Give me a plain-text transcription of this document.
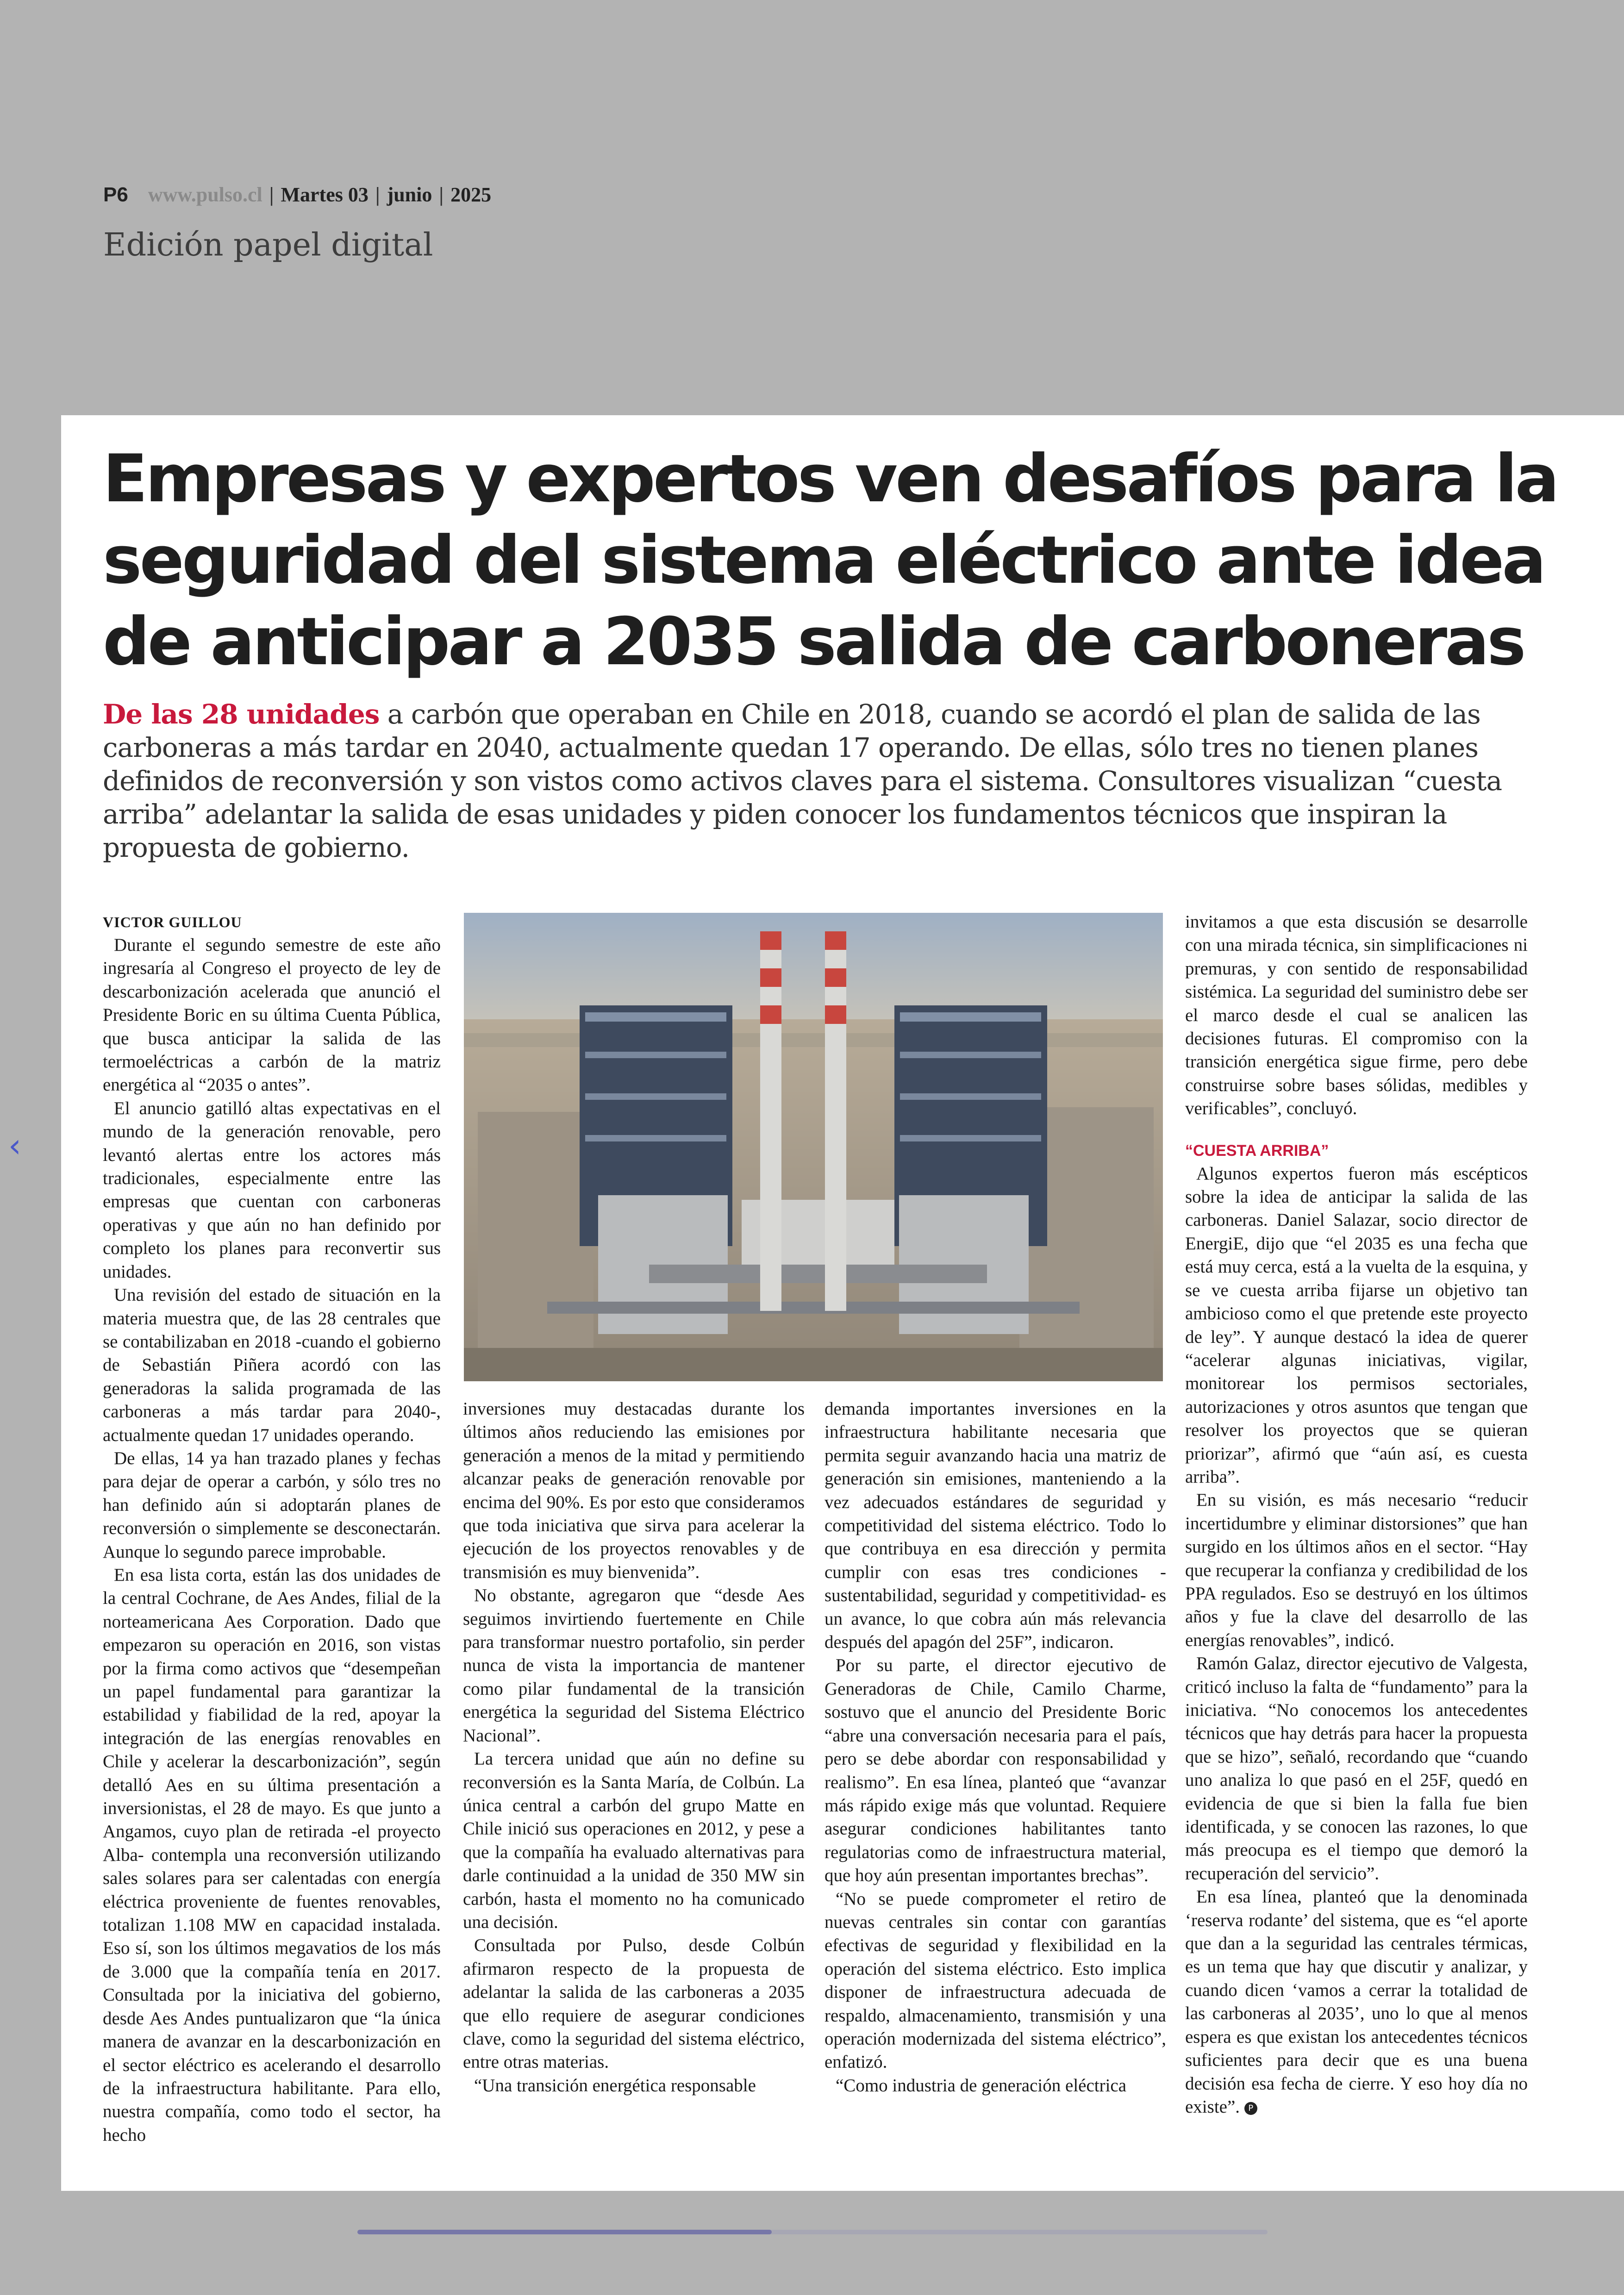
P6 www.pulso.cl | Martes 03 | junio | 2025
Edición papel digital
‹
Empresas y expertos ven desafíos para la seguridad del sistema eléctrico ante idea de anticipar a 2035 salida de carboneras

De las 28 unidades a carbón que operaban en Chile en 2018, cuando se acordó el plan de salida de las carboneras a más tardar en 2040, actualmente quedan 17 operando. De ellas, sólo tres no tienen planes definidos de reconversión y son vistos como activos claves para el sistema. Consultores visualizan “cuesta arriba” adelantar la salida de esas unidades y piden conocer los fundamentos técnicos que inspiran la propuesta de gobierno.

VICTOR GUILLOU

Durante el segundo semestre de este año ingresaría al Congreso el proyecto de ley de descarbonización acelerada que anunció el Presidente Boric en su última Cuenta Pública, que busca anticipar la salida de las termoeléctricas a carbón de la matriz energética al “2035 o antes”.

El anuncio gatilló altas expectativas en el mundo de la generación renovable, pero levantó alertas entre los actores más tradicionales, especialmente entre las empresas que cuentan con carboneras operativas y que aún no han definido por completo los planes para reconvertir sus unidades.

Una revisión del estado de situación en la materia muestra que, de las 28 centrales que se contabilizaban en 2018 -cuando el gobierno de Sebastián Piñera acordó con las generadoras la salida programada de las carboneras a más tardar para 2040-, actualmente quedan 17 unidades operando.

De ellas, 14 ya han trazado planes y fechas para dejar de operar a carbón, y sólo tres no han definido aún si adoptarán planes de reconversión o simplemente se desconectarán. Aunque lo segundo parece improbable.

En esa lista corta, están las dos unidades de la central Cochrane, de Aes Andes, filial de la norteamericana Aes Corporation. Dado que empezaron su operación en 2016, son vistas por la firma como activos que “desempeñan un papel fundamental para garantizar la estabilidad y fiabilidad de la red, apoyar la integración de las energías renovables en Chile y acelerar la descarbonización”, según detalló Aes en su última presentación a inversionistas, el 28 de mayo. Es que junto a Angamos, cuyo plan de retirada -el proyecto Alba- contempla una reconversión utilizando sales solares para ser calentadas con energía eléctrica proveniente de fuentes renovables, totalizan 1.108 MW en capacidad instalada. Eso sí, son los últimos megavatios de los más de 3.000 que la compañía tenía en 2017. Consultada por la iniciativa del gobierno, desde Aes Andes puntualizaron que “la única manera de avanzar en la descarbonización en el sector eléctrico es acelerando el desarrollo de la infraestructura habilitante. Para ello, nuestra compañía, como todo el sector, ha hecho

inversiones muy destacadas durante los últimos años reduciendo las emisiones por generación a menos de la mitad y permitiendo alcanzar peaks de generación renovable por encima del 90%. Es por esto que consideramos que toda iniciativa que sirva para acelerar la ejecución de los proyectos renovables y de transmisión es muy bienvenida”.

No obstante, agregaron que “desde Aes seguimos invirtiendo fuertemente en Chile para transformar nuestro portafolio, sin perder nunca de vista la importancia de mantener como pilar fundamental de la transición energética la seguridad del Sistema Eléctrico Nacional”.

La tercera unidad que aún no define su reconversión es la Santa María, de Colbún. La única central a carbón del grupo Matte en Chile inició sus operaciones en 2012, y pese a que la compañía ha evaluado alternativas para darle continuidad a la unidad de 350 MW sin carbón, hasta el momento no ha comunicado una decisión.

Consultada por Pulso, desde Colbún afirmaron respecto de la propuesta de adelantar la salida de las carboneras a 2035 que ello requiere de asegurar condiciones clave, como la seguridad del sistema eléctrico, entre otras materias.

“Una transición energética responsable

demanda importantes inversiones en la infraestructura habilitante necesaria que permita seguir avanzando hacia una matriz de generación sin emisiones, manteniendo a la vez adecuados estándares de seguridad y competitividad del sistema eléctrico. Todo lo que contribuya en esa dirección y permita cumplir con esas tres condiciones -sustentabilidad, seguridad y competitividad- es un avance, lo que cobra aún más relevancia después del apagón del 25F”, indicaron.

Por su parte, el director ejecutivo de Generadoras de Chile, Camilo Charme, sostuvo que el anuncio del Presidente Boric “abre una conversación necesaria para el país, pero se debe abordar con responsabilidad y realismo”. En esa línea, planteó que “avanzar más rápido exige más que voluntad. Requiere asegurar condiciones habilitantes tanto regulatorias como de infraestructura material, que hoy aún presentan importantes brechas”.

“No se puede comprometer el retiro de nuevas centrales sin contar con garantías efectivas de seguridad y flexibilidad en la operación del sistema eléctrico. Esto implica disponer de infraestructura adecuada de respaldo, almacenamiento, transmisión y una operación modernizada del sistema eléctrico”, enfatizó.

“Como industria de generación eléctrica

invitamos a que esta discusión se desarrolle con una mirada técnica, sin simplificaciones ni premuras, y con sentido de responsabilidad sistémica. La seguridad del suministro debe ser el marco desde el cual se analicen las decisiones futuras. El compromiso con la transición energética sigue firme, pero debe construirse sobre bases sólidas, medibles y verificables”, concluyó.

“CUESTA ARRIBA”

Algunos expertos fueron más escépticos sobre la idea de anticipar la salida de las carboneras. Daniel Salazar, socio director de EnergiE, dijo que “el 2035 es una fecha que está muy cerca, está a la vuelta de la esquina, y se ve cuesta arriba fijarse un objetivo tan ambicioso como el que pretende este proyecto de ley”. Y aunque destacó la idea de querer “acelerar algunas iniciativas, vigilar, monitorear los permisos sectoriales, autorizaciones y otros asuntos que tengan que resolver los proyectos que se quieran priorizar”, afirmó que “aún así, es cuesta arriba”.

En su visión, es más necesario “reducir incertidumbre y eliminar distorsiones” que han surgido en los últimos años en el sector. “Hay que recuperar la confianza y credibilidad de los PPA regulados. Eso se destruyó en los últimos años y fue la clave del desarrollo de las energías renovables”, indicó.

Ramón Galaz, director ejecutivo de Valgesta, criticó incluso la falta de “fundamento” para la iniciativa. “No conocemos los antecedentes técnicos que hay detrás para hacer la propuesta que se hizo”, señaló, recordando que “cuando uno analiza lo que pasó en el 25F, quedó en evidencia de que si bien la falla fue bien identificada, y se conocen las razones, lo que más preocupa es el tiempo que demoró la recuperación del servicio”.

En esa línea, planteó que la denominada ‘reserva rodante’ del sistema, que es “el aporte que dan a la seguridad las centrales térmicas, es un tema que hay que discutir y analizar, y cuando dicen ‘vamos a cerrar la totalidad de las carboneras al 2035’, uno lo que al menos espera es que existan los antecedentes técnicos suficientes para decir que es una buena decisión esa fecha de cierre. Y eso hoy día no existe”. P
